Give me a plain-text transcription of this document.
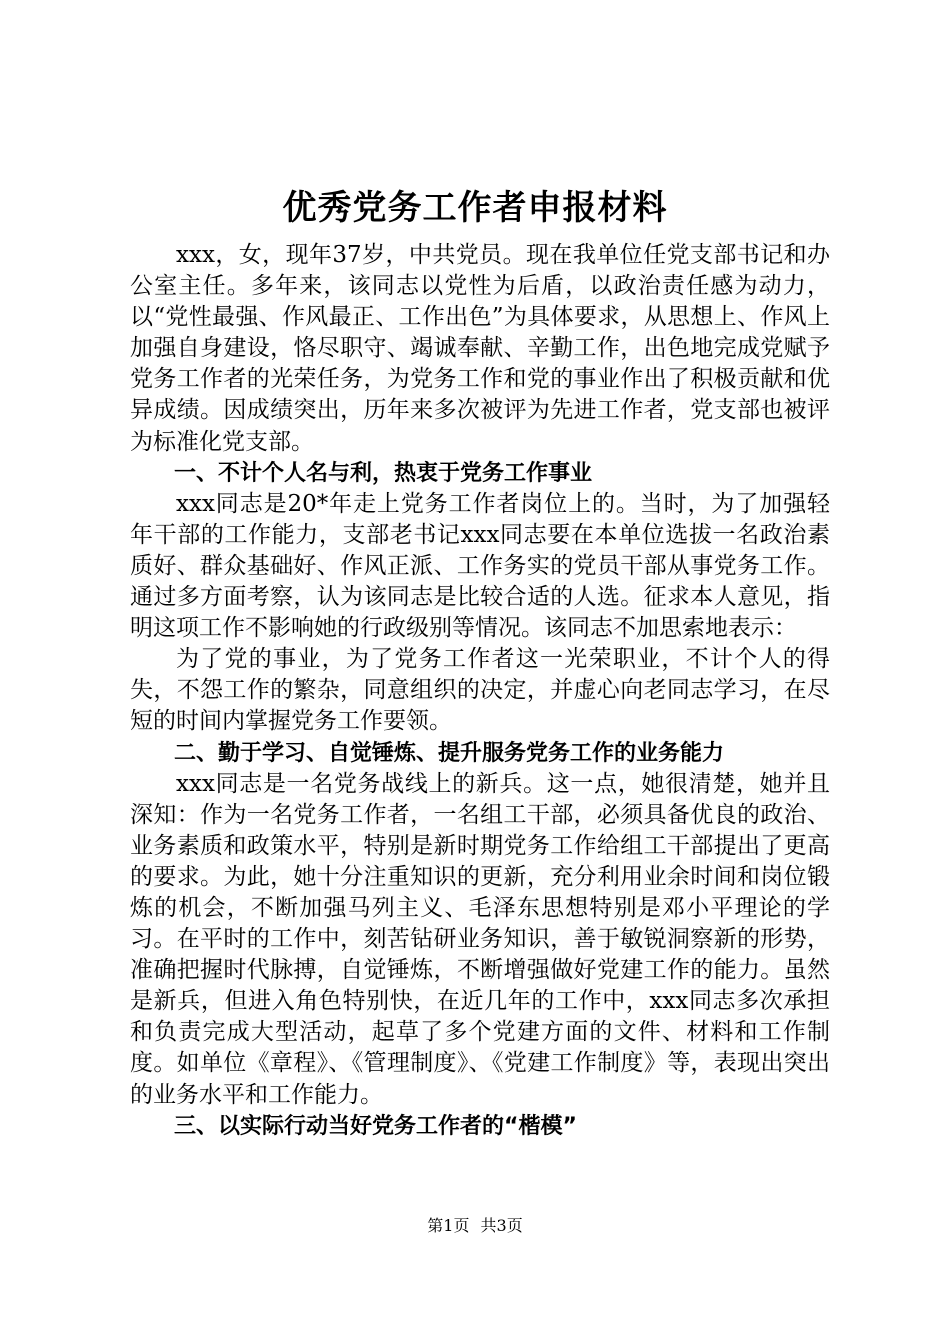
优秀党务工作者申报材料

xxx，女，现年37岁，中共党员。现在我单位任党支部书记和办公室主任。多年来，该同志以党性为后盾，以政治责任感为动力，以“党性最强、作风最正、工作出色”为具体要求，从思想上、作风上加强自身建设，恪尽职守、竭诚奉献、辛勤工作，出色地完成党赋予党务工作者的光荣任务，为党务工作和党的事业作出了积极贡献和优异成绩。因成绩突出，历年来多次被评为先进工作者，党支部也被评为标准化党支部。

一、不计个人名与利，热衷于党务工作事业

xxx同志是20*年走上党务工作者岗位上的。当时，为了加强轻年干部的工作能力，支部老书记xxx同志要在本单位选拔一名政治素质好、群众基础好、作风正派、工作务实的党员干部从事党务工作。通过多方面考察，认为该同志是比较合适的人选。征求本人意见，指明这项工作不影响她的行政级别等情况。该同志不加思索地表示：

为了党的事业，为了党务工作者这一光荣职业，不计个人的得失，不怨工作的繁杂，同意组织的决定，并虚心向老同志学习，在尽短的时间内掌握党务工作要领。

二、勤于学习、自觉锤炼、提升服务党务工作的业务能力

xxx同志是一名党务战线上的新兵。这一点，她很清楚，她并且深知：作为一名党务工作者，一名组工干部，必须具备优良的政治、业务素质和政策水平，特别是新时期党务工作给组工干部提出了更高的要求。为此，她十分注重知识的更新，充分利用业余时间和岗位锻炼的机会，不断加强马列主义、毛泽东思想特别是邓小平理论的学习。在平时的工作中，刻苦钻研业务知识，善于敏锐洞察新的形势，准确把握时代脉搏，自觉锤炼，不断增强做好党建工作的能力。虽然是新兵，但进入角色特别快，在近几年的工作中，xxx同志多次承担和负责完成大型活动，起草了多个党建方面的文件、材料和工作制度。如单位《章程》、《管理制度》、《党建工作制度》等，表现出突出的业务水平和工作能力。

三、以实际行动当好党务工作者的“楷模”

第1页 共3页
